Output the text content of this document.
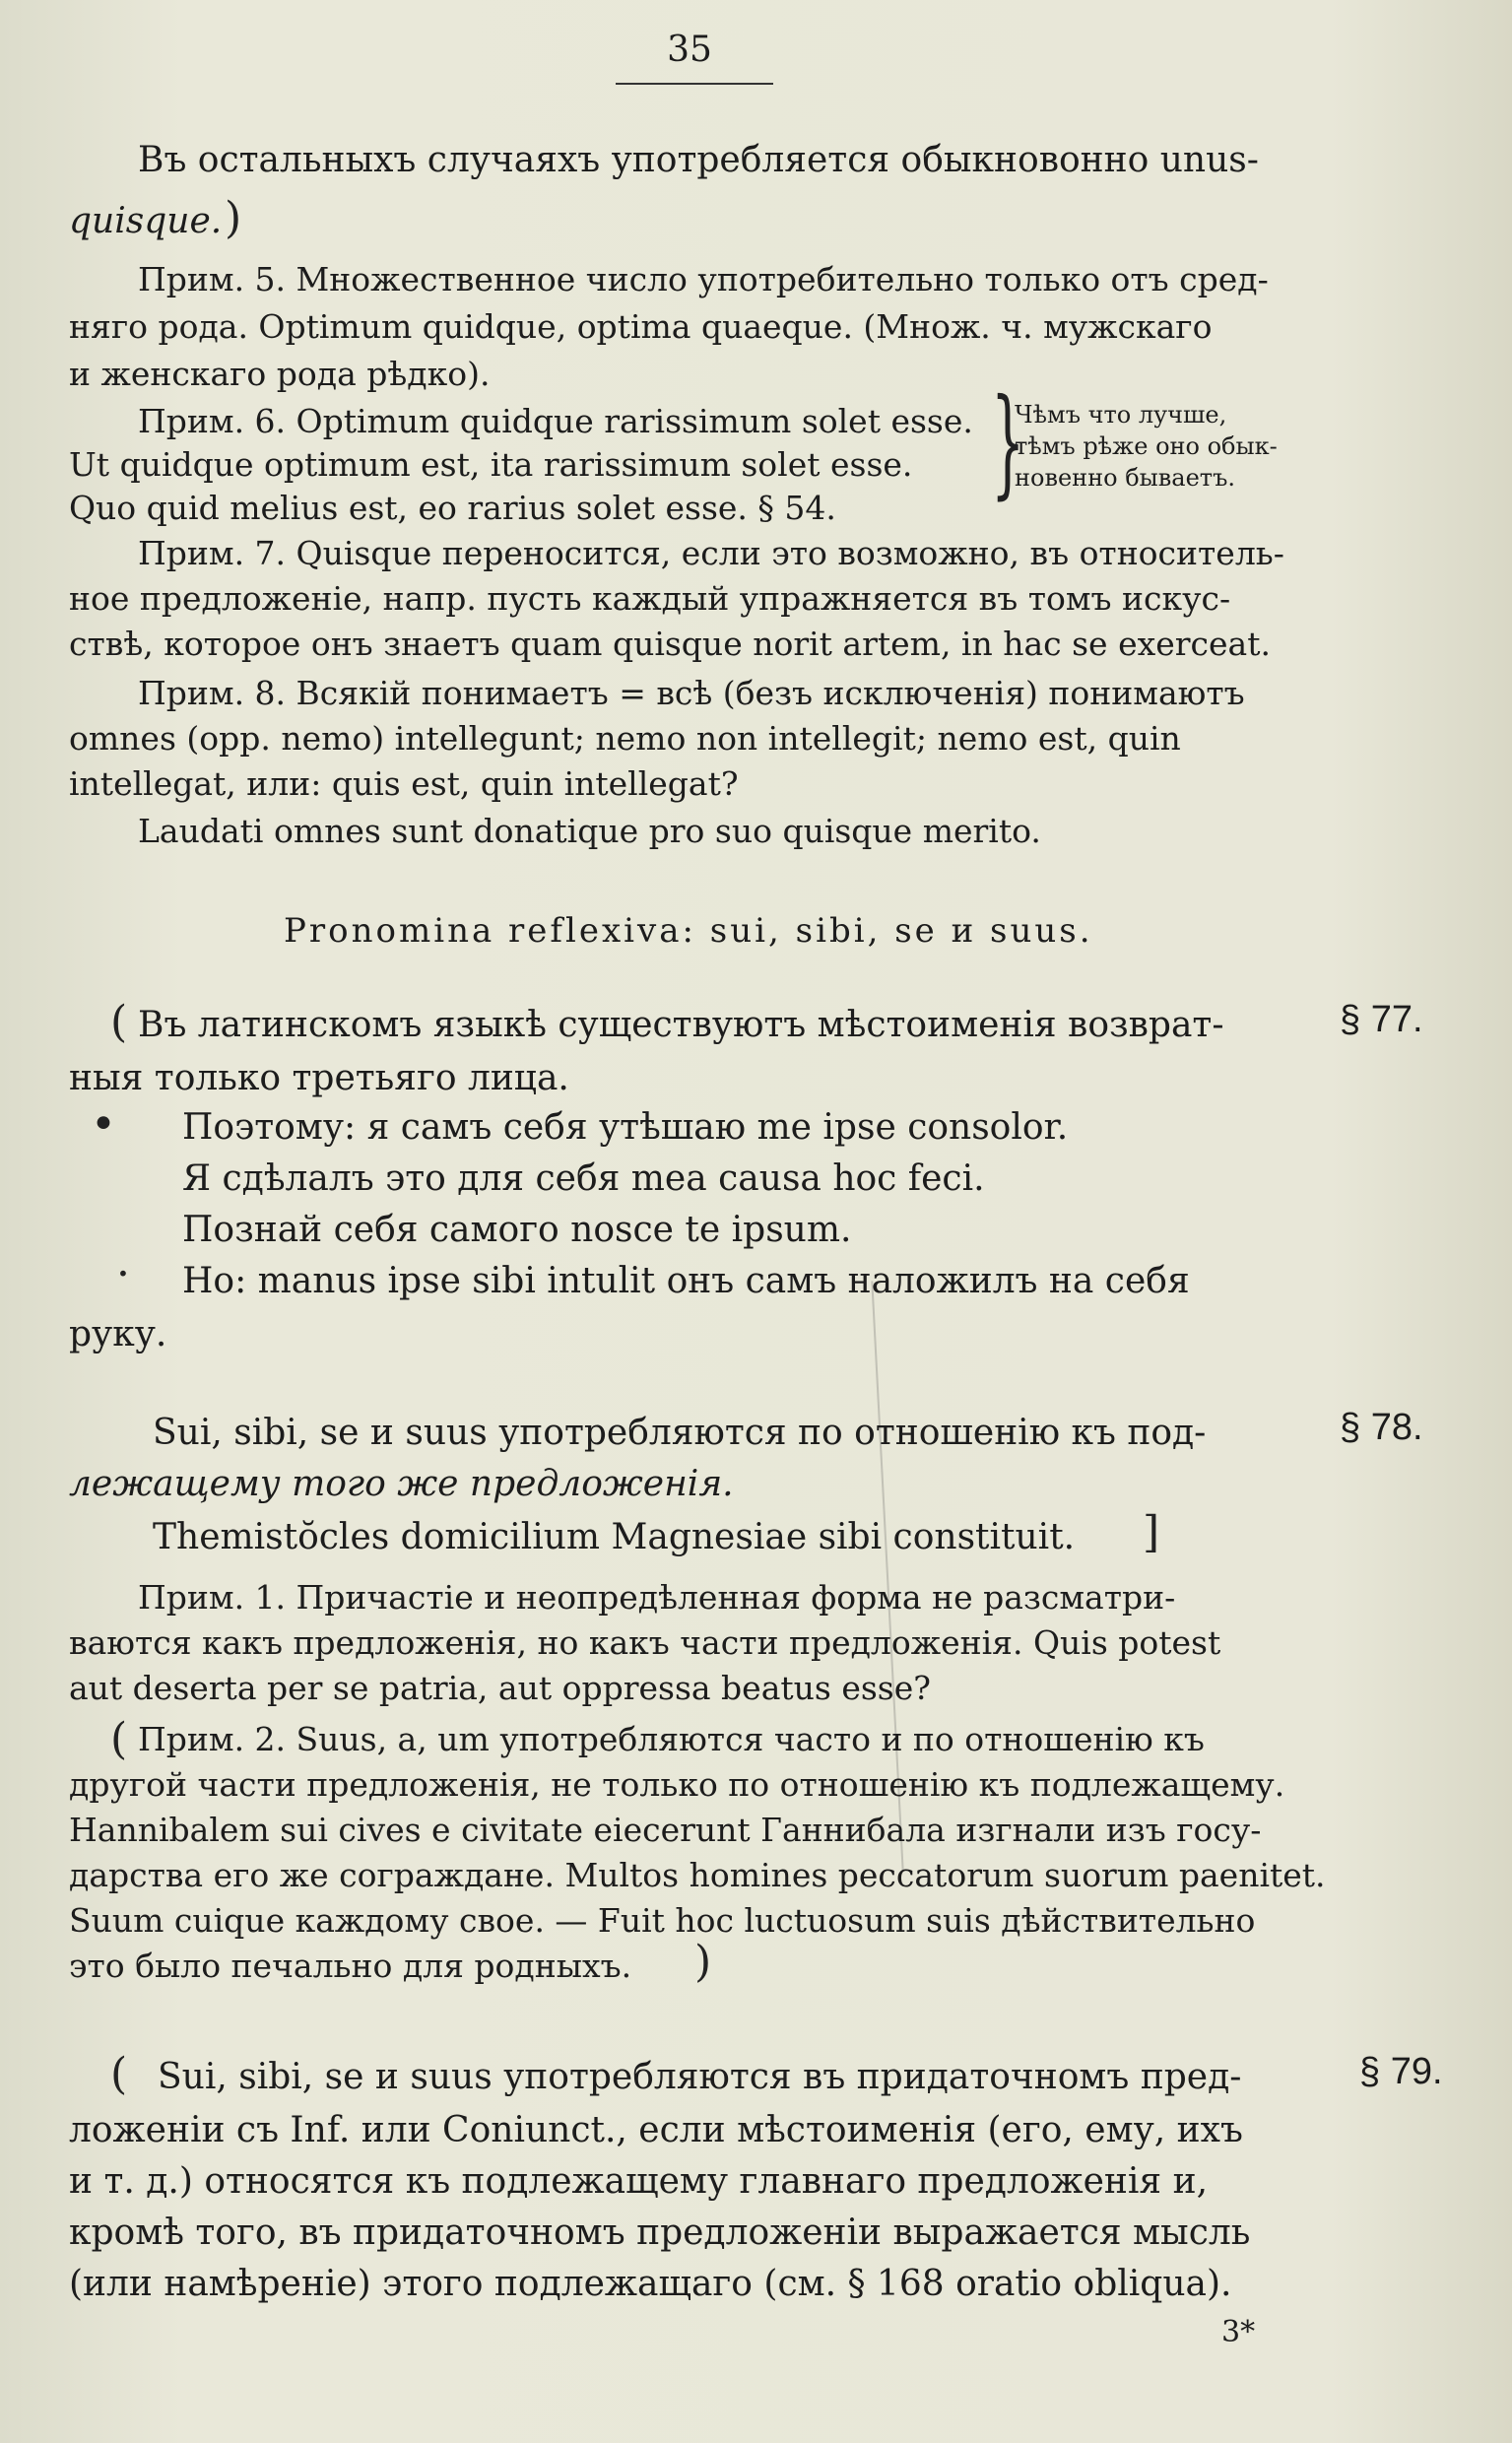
35
Въ остальныхъ случаяхъ употребляется обыкновонно unus-
quisque. )
Прим. 5. Множественное число употребительно только отъ сред-
няго рода. Optimum quidque, optima quaeque. (Множ. ч. мужскаго
и женскаго рода рѣдко).
Прим. 6. Optimum quidque rarissimum solet esse.
Ut quidque optimum est, ita rarissimum solet esse.
Quo quid melius est, eo rarius solet esse. § 54. }
Чѣмъ что лучше,
тѣмъ рѣже оно обык-
новенно бываетъ.
Прим. 7. Quisque переносится, если это возможно, въ относитель-
ное предложеніе, напр. пусть каждый упражняется въ томъ искус-
ствѣ, которое онъ знаетъ quam quisque norit artem, in hac se exerceat.
Прим. 8. Всякій понимаетъ = всѣ (безъ исключенія) понимаютъ
omnes (opp. nemo) intellegunt; nemo non intellegit; nemo est, quin
intellegat, или: quis est, quin intellegat?
Laudati omnes sunt donatique pro suo quisque merito.
Pronomina reflexiva: sui, sibi, se и suus.
( Въ латинскомъ языкѣ существуютъ мѣстоименія возврат-	§ 77.
ныя только третьяго лица.
• Поэтому: я самъ себя утѣшаю me ipse consolor.
Я сдѣлалъ это для себя mea causa hoc feci.
Познай себя самого nosce te ipsum.
· Но: manus ipse sibi intulit онъ самъ наложилъ на себя
руку.
Sui, sibi, se и suus употребляются по отношенію къ под-	§ 78.
лежащему того же предложенія.
Themistŏcles domicilium Magnesiae sibi constituit. ]
Прим. 1. Причастіе и неопредѣленная форма не разсматри-
ваются какъ предложенія, но какъ части предложенія. Quis potest
aut deserta per se patria, aut oppressa beatus esse?
( Прим. 2. Suus, a, um употребляются часто и по отношенію къ
другой части предложенія, не только по отношенію къ подлежащему.
Hannibalem sui cives e civitate eiecerunt Ганнибала изгнали изъ госу-
дарства его же сограждане. Multos homines peccatorum suorum paenitet.
Suum cuique каждому свое. — Fuit hoc luctuosum suis дѣйствительно
это было печально для родныхъ. )
( Sui, sibi, se и suus употребляются въ придаточномъ пред-	§ 79.
ложеніи съ Inf. или Coniunct., если мѣстоименія (его, ему, ихъ
и т. д.) относятся къ подлежащему главнаго предложенія и,
кромѣ того, въ придаточномъ предложеніи выражается мысль
(или намѣреніе) этого подлежащаго (см. § 168 oratio obliqua).
3*
